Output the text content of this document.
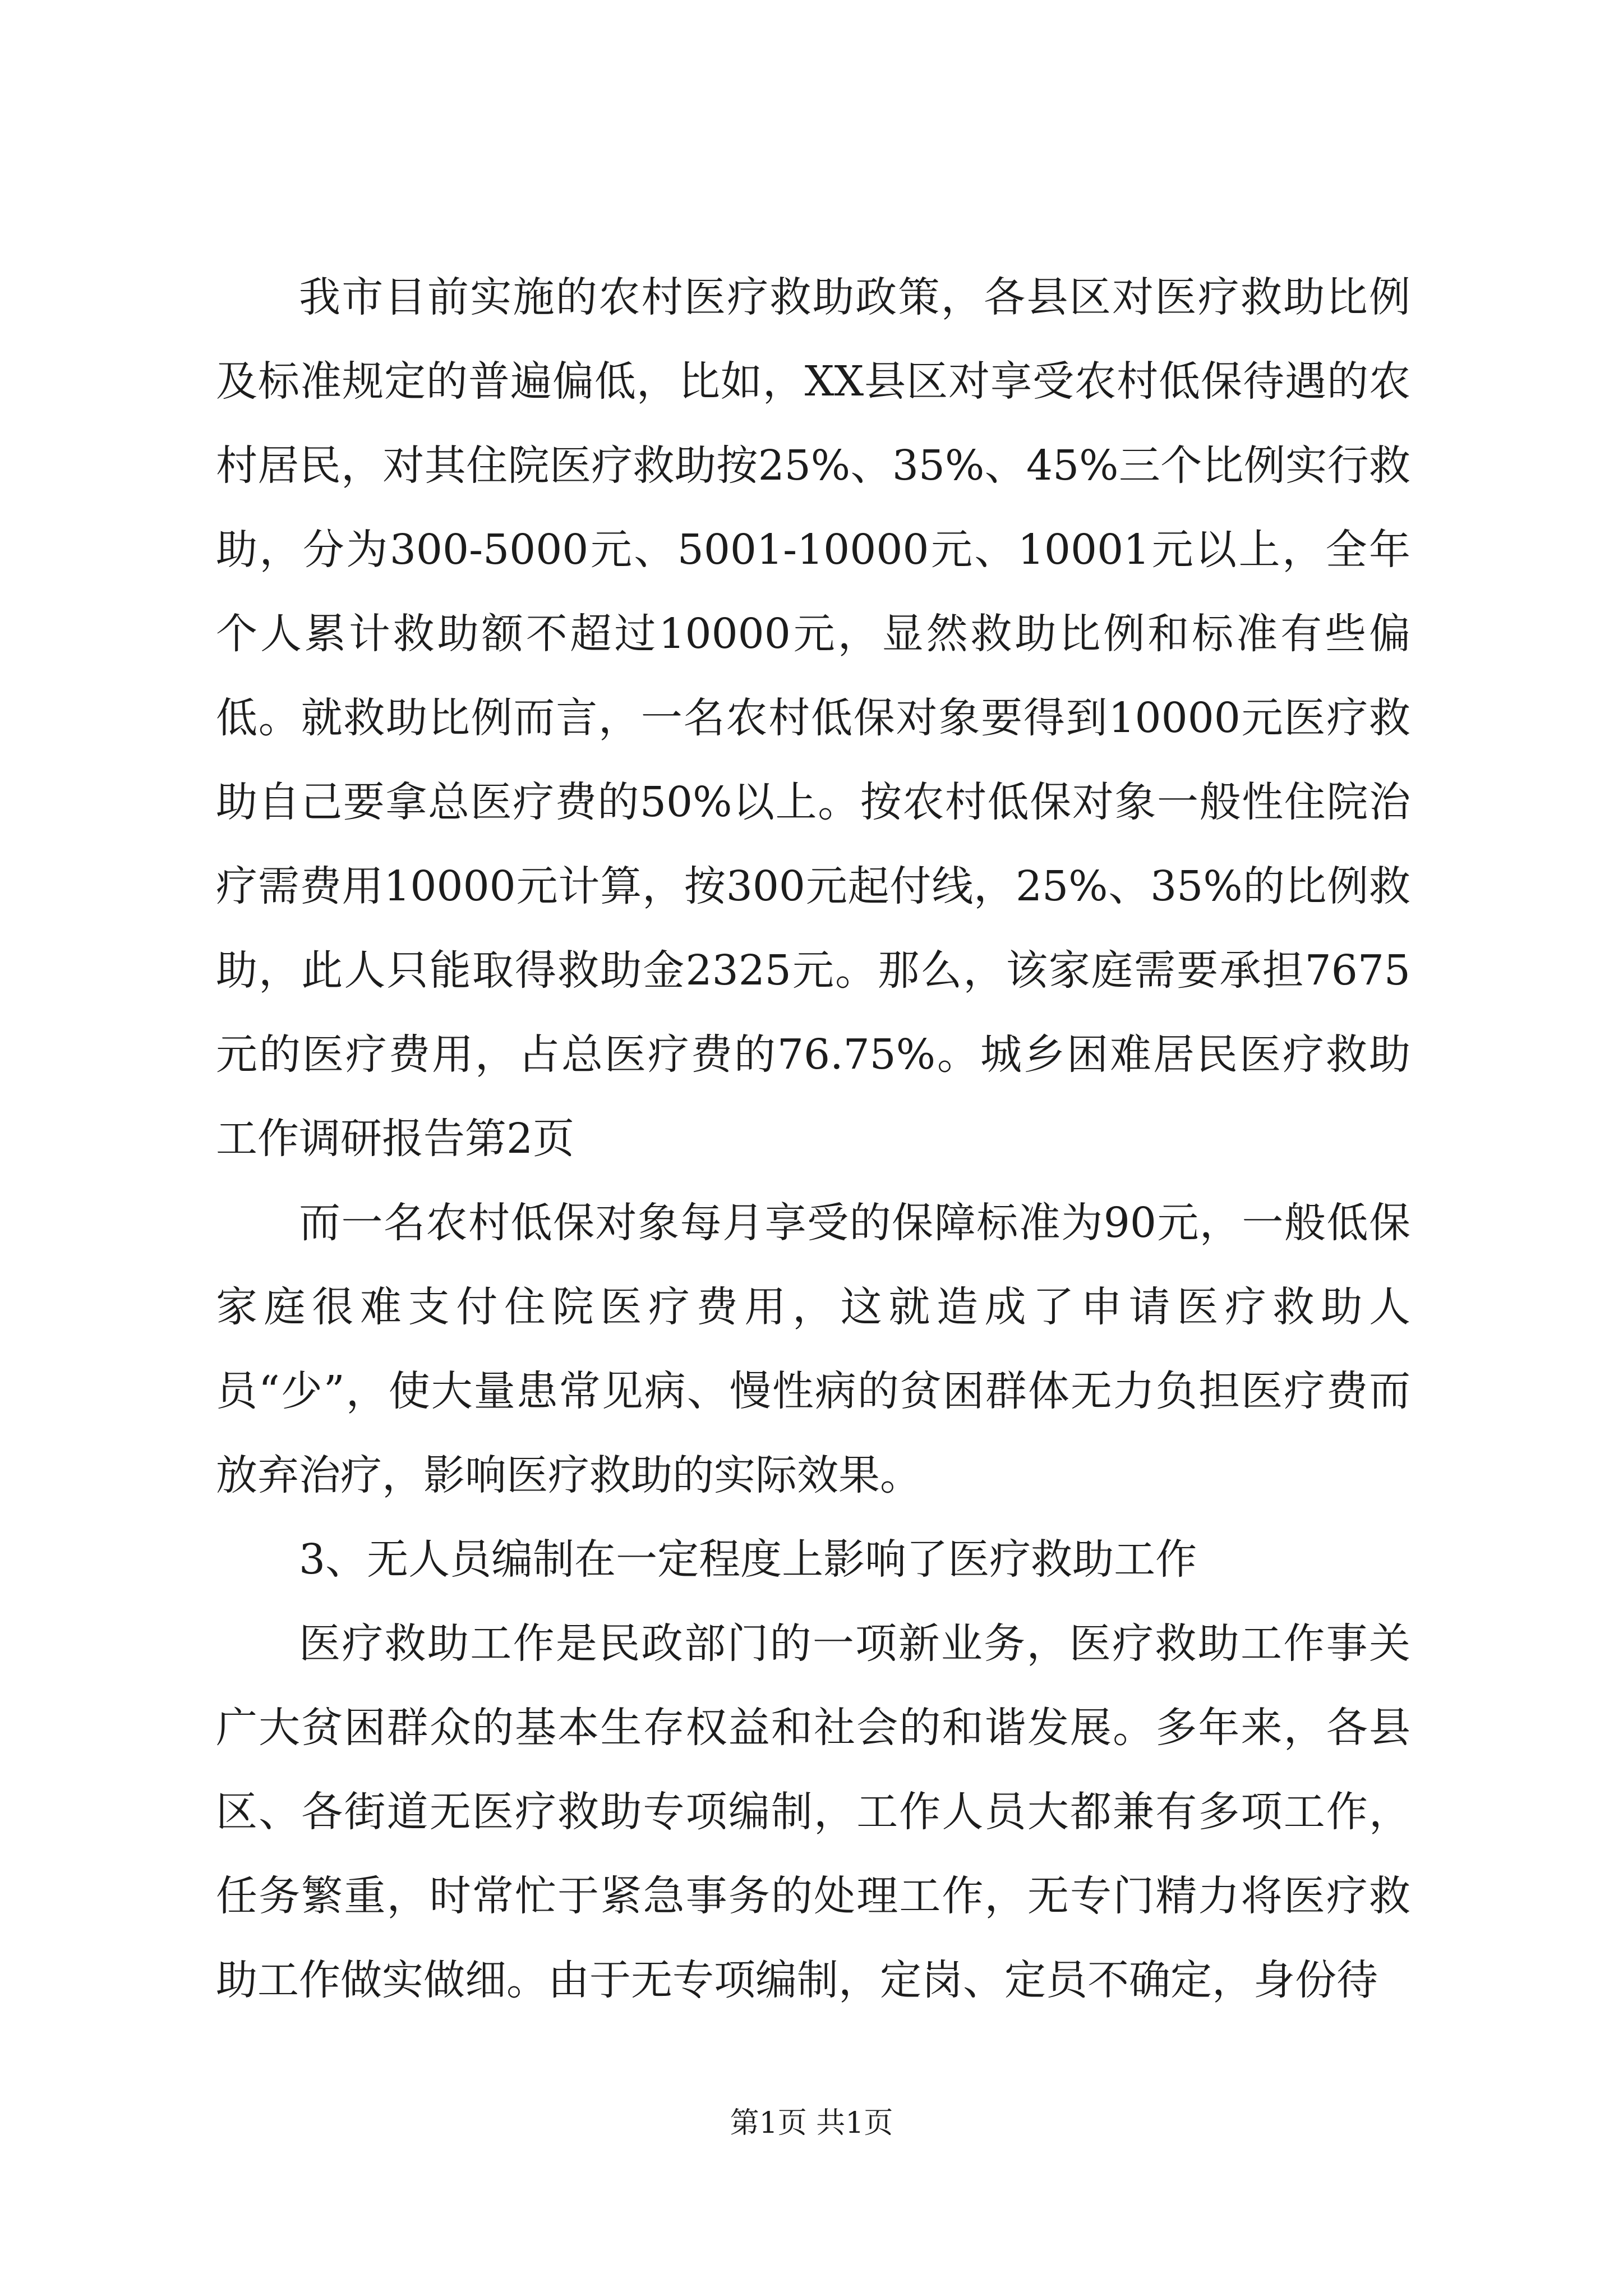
我市目前实施的农村医疗救助政策，各县区对医疗救助比例及标准规定的普遍偏低，比如，XX县区对享受农村低保待遇的农村居民，对其住院医疗救助按25%、35%、45%三个比例实行救助，分为300-5000元、5001-10000元、10001元以上，全年个人累计救助额不超过10000元，显然救助比例和标准有些偏低。就救助比例而言，一名农村低保对象要得到10000元医疗救助自己要拿总医疗费的50%以上。按农村低保对象一般性住院治疗需费用10000元计算，按300元起付线，25%、35%的比例救助，此人只能取得救助金2325元。那么，该家庭需要承担7675元的医疗费用，占总医疗费的76.75%。城乡困难居民医疗救助工作调研报告第2页

而一名农村低保对象每月享受的保障标准为90元，一般低保家庭很难支付住院医疗费用，这就造成了申请医疗救助人员“少”，使大量患常见病、慢性病的贫困群体无力负担医疗费而放弃治疗，影响医疗救助的实际效果。

3、无人员编制在一定程度上影响了医疗救助工作

医疗救助工作是民政部门的一项新业务，医疗救助工作事关广大贫困群众的基本生存权益和社会的和谐发展。多年来，各县区、各街道无医疗救助专项编制，工作人员大都兼有多项工作，任务繁重，时常忙于紧急事务的处理工作，无专门精力将医疗救助工作做实做细。由于无专项编制，定岗、定员不确定，身份待

第1页 共1页
